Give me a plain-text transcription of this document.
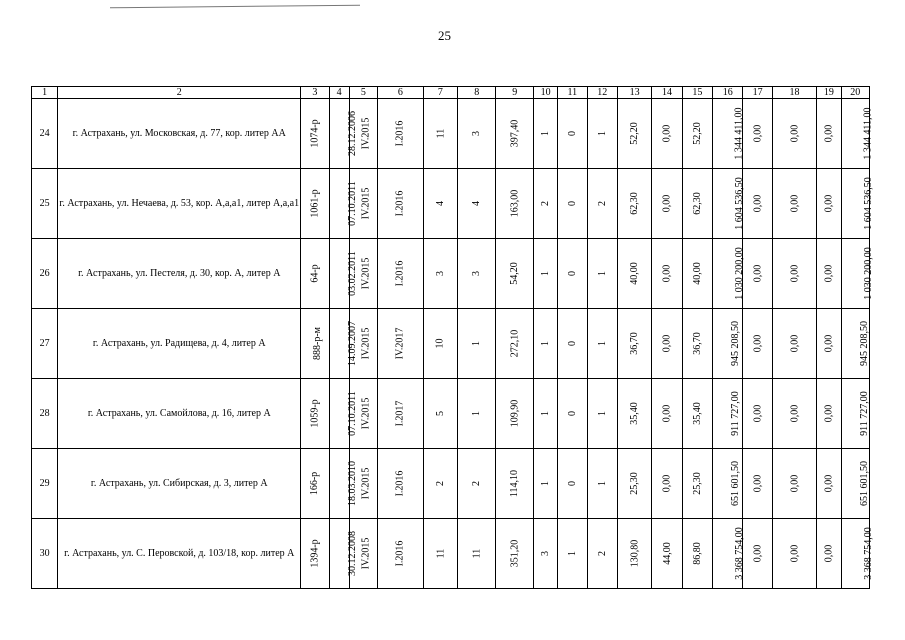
25
1	2	3	4	5	6	7	8	9	10	11	12	13	14	15	16	17	18	19	20
24	г. Астрахань, ул. Московская, д. 77, кор. литер АА	1074-р	28.12.2006	IV.2015	I.2016	11	3	397,40	1	0	1	52,20	0,00	52,20	1 344 411,00	0,00	0,00	0,00	1 344 411,00
25	г. Астрахань, ул. Нечаева, д. 53, кор. А,а,а1, литер А,а,а1	1061-р	07.10.2011	IV.2015	I.2016	4	4	163,00	2	0	2	62,30	0,00	62,30	1 604 536,50	0,00	0,00	0,00	1 604 536,50
26	г. Астрахань, ул. Пестеля, д. 30, кор. А, литер А	64-р	03.02.2011	IV.2015	I.2016	3	3	54,20	1	0	1	40,00	0,00	40,00	1 030 200,00	0,00	0,00	0,00	1 030 200,00
27	г. Астрахань, ул. Радищева, д. 4, литер А	888-р-м	14.09.2007	IV.2015	IV.2017	10	1	272,10	1	0	1	36,70	0,00	36,70	945 208,50	0,00	0,00	0,00	945 208,50
28	г. Астрахань, ул. Самойлова, д. 16, литер А	1059-р	07.10.2011	IV.2015	I.2017	5	1	109,90	1	0	1	35,40	0,00	35,40	911 727,00	0,00	0,00	0,00	911 727,00
29	г. Астрахань, ул. Сибирская, д. 3, литер А	166-р	18.03.2010	IV.2015	I.2016	2	2	114,10	1	0	1	25,30	0,00	25,30	651 601,50	0,00	0,00	0,00	651 601,50
30	г. Астрахань, ул. С. Перовской, д. 103/18, кор. литер А	1394-р	30.12.2008	IV.2015	I.2016	11	11	351,20	3	1	2	130,80	44,00	86,80	3 368 754,00	0,00	0,00	0,00	3 368 754,00
